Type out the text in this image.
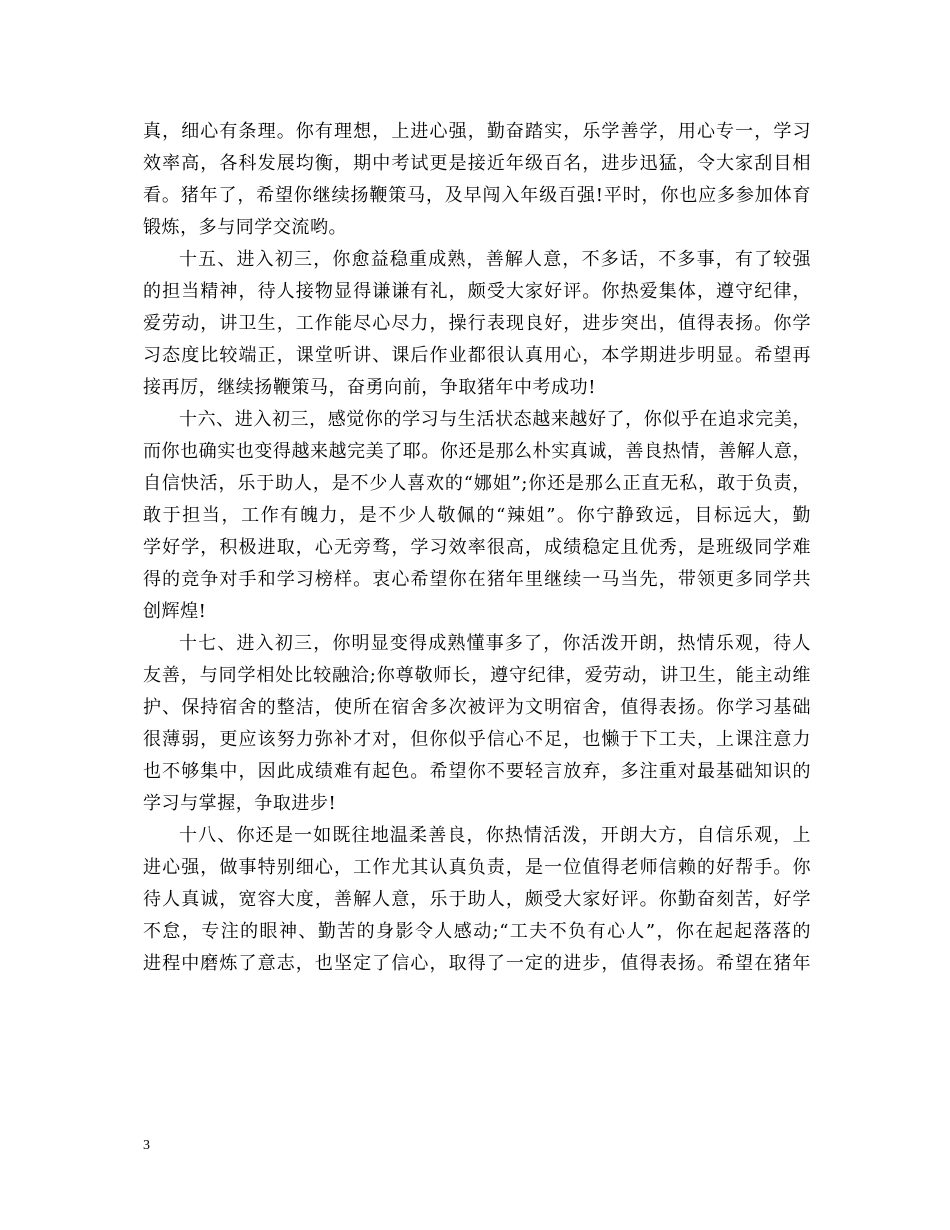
真，细心有条理。你有理想，上进心强，勤奋踏实，乐学善学，用心专一，学习
效率高，各科发展均衡，期中考试更是接近年级百名，进步迅猛，令大家刮目相
看。猪年了，希望你继续扬鞭策马，及早闯入年级百强!平时，你也应多参加体育
锻炼，多与同学交流哟。
十五、进入初三，你愈益稳重成熟，善解人意，不多话，不多事，有了较强
的担当精神，待人接物显得谦谦有礼，颇受大家好评。你热爱集体，遵守纪律，
爱劳动，讲卫生，工作能尽心尽力，操行表现良好，进步突出，值得表扬。你学
习态度比较端正，课堂听讲、课后作业都很认真用心，本学期进步明显。希望再
接再厉，继续扬鞭策马，奋勇向前，争取猪年中考成功!
十六、进入初三，感觉你的学习与生活状态越来越好了，你似乎在追求完美，
而你也确实也变得越来越完美了耶。你还是那么朴实真诚，善良热情，善解人意，
自信快活，乐于助人，是不少人喜欢的“娜姐”;你还是那么正直无私，敢于负责，
敢于担当，工作有魄力，是不少人敬佩的“辣姐”。你宁静致远，目标远大，勤
学好学，积极进取，心无旁骛，学习效率很高，成绩稳定且优秀，是班级同学难
得的竞争对手和学习榜样。衷心希望你在猪年里继续一马当先，带领更多同学共
创辉煌!
十七、进入初三，你明显变得成熟懂事多了，你活泼开朗，热情乐观，待人
友善，与同学相处比较融洽;你尊敬师长，遵守纪律，爱劳动，讲卫生，能主动维
护、保持宿舍的整洁，使所在宿舍多次被评为文明宿舍，值得表扬。你学习基础
很薄弱，更应该努力弥补才对，但你似乎信心不足，也懒于下工夫，上课注意力
也不够集中，因此成绩难有起色。希望你不要轻言放弃，多注重对最基础知识的
学习与掌握，争取进步!
十八、你还是一如既往地温柔善良，你热情活泼，开朗大方，自信乐观，上
进心强，做事特别细心，工作尤其认真负责，是一位值得老师信赖的好帮手。你
待人真诚，宽容大度，善解人意，乐于助人，颇受大家好评。你勤奋刻苦，好学
不怠，专注的眼神、勤苦的身影令人感动;“工夫不负有心人”，你在起起落落的
进程中磨炼了意志，也坚定了信心，取得了一定的进步，值得表扬。希望在猪年
3
